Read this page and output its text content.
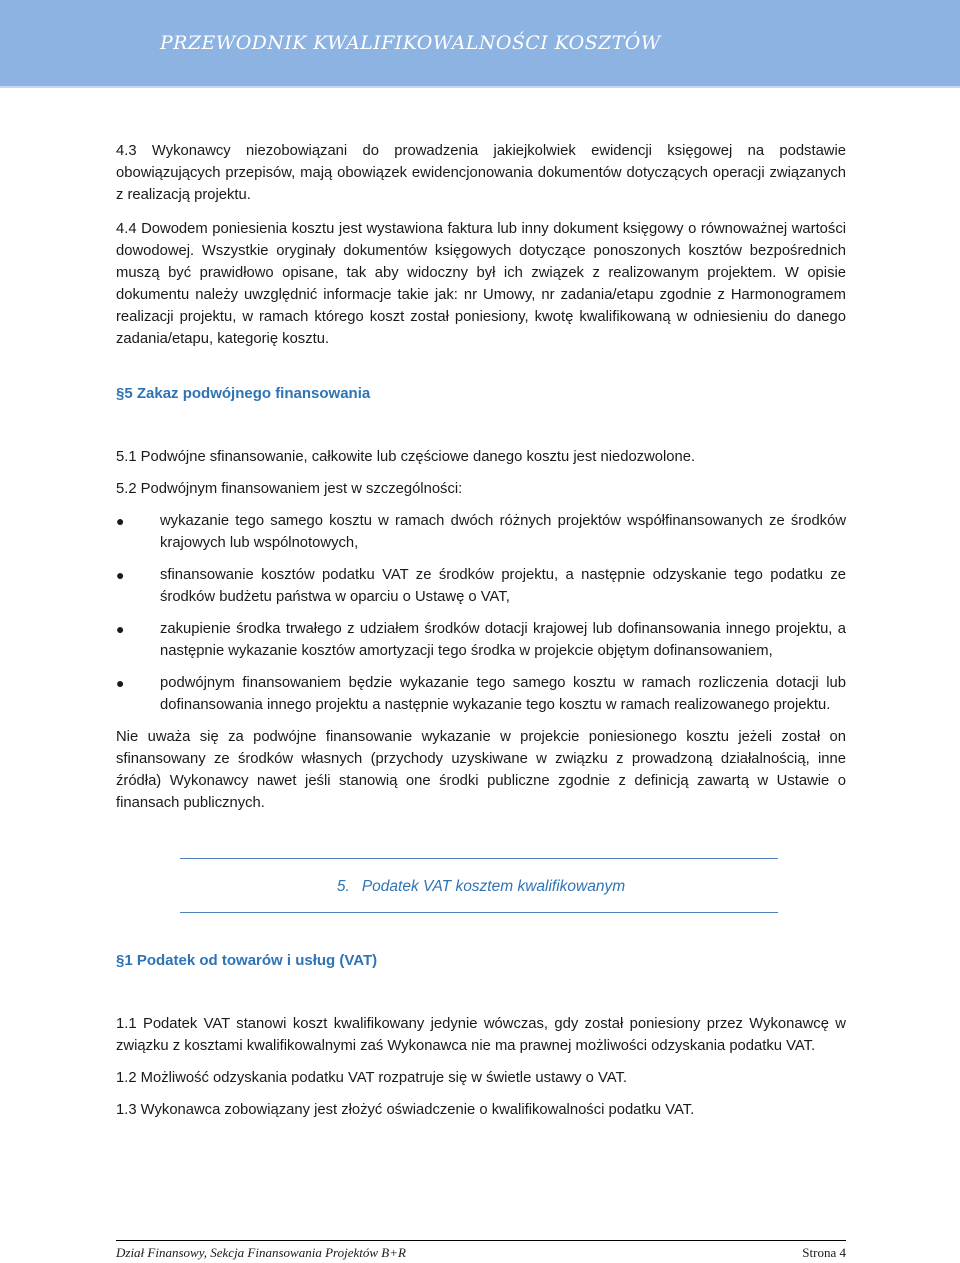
PRZEWODNIK KWALIFIKOWALNOŚCI KOSZTÓW

4.3 Wykonawcy niezobowiązani do prowadzenia jakiejkolwiek ewidencji księgowej na podstawie obowiązujących przepisów, mają obowiązek ewidencjonowania dokumentów dotyczących operacji związanych z realizacją projektu.

4.4 Dowodem poniesienia kosztu jest wystawiona faktura lub inny dokument księgowy o równoważnej wartości dowodowej. Wszystkie oryginały dokumentów księgowych dotyczące ponoszonych kosztów bezpośrednich muszą być prawidłowo opisane, tak aby widoczny był ich związek z realizowanym projektem. W opisie dokumentu należy uwzględnić informacje takie jak: nr Umowy, nr zadania/etapu zgodnie z Harmonogramem realizacji projektu, w ramach którego koszt został poniesiony, kwotę kwalifikowaną w odniesieniu do danego zadania/etapu, kategorię kosztu.

§5 Zakaz podwójnego finansowania

5.1 Podwójne sfinansowanie, całkowite lub częściowe danego kosztu jest niedozwolone.

5.2 Podwójnym finansowaniem jest w szczególności:

●	wykazanie tego samego kosztu w ramach dwóch różnych projektów współfinansowanych ze środków krajowych lub wspólnotowych,
●	sfinansowanie kosztów podatku VAT ze środków projektu, a następnie odzyskanie tego podatku ze środków budżetu państwa w oparciu o Ustawę o VAT,
●	zakupienie środka trwałego z udziałem środków dotacji krajowej lub dofinansowania innego projektu, a następnie wykazanie kosztów amortyzacji tego środka w projekcie objętym dofinansowaniem,
●	podwójnym finansowaniem będzie wykazanie tego samego kosztu w ramach rozliczenia dotacji lub dofinansowania innego projektu a następnie wykazanie tego kosztu w ramach realizowanego projektu.

Nie uważa się za podwójne finansowanie wykazanie w projekcie poniesionego kosztu jeżeli został on sfinansowany ze środków własnych (przychody uzyskiwane w związku z prowadzoną działalnością, inne źródła) Wykonawcy nawet jeśli stanowią one środki publiczne zgodnie z definicją zawartą w Ustawie o finansach publicznych.

5. Podatek VAT kosztem kwalifikowanym

§1 Podatek od towarów i usług (VAT)

1.1 Podatek VAT stanowi koszt kwalifikowany jedynie wówczas, gdy został poniesiony przez Wykonawcę w związku z kosztami kwalifikowalnymi zaś Wykonawca nie ma prawnej możliwości odzyskania podatku VAT.

1.2 Możliwość odzyskania podatku VAT rozpatruje się w świetle ustawy o VAT.

1.3 Wykonawca zobowiązany jest złożyć oświadczenie o kwalifikowalności podatku VAT.

Dział Finansowy, Sekcja Finansowania Projektów B+R	Strona 4
